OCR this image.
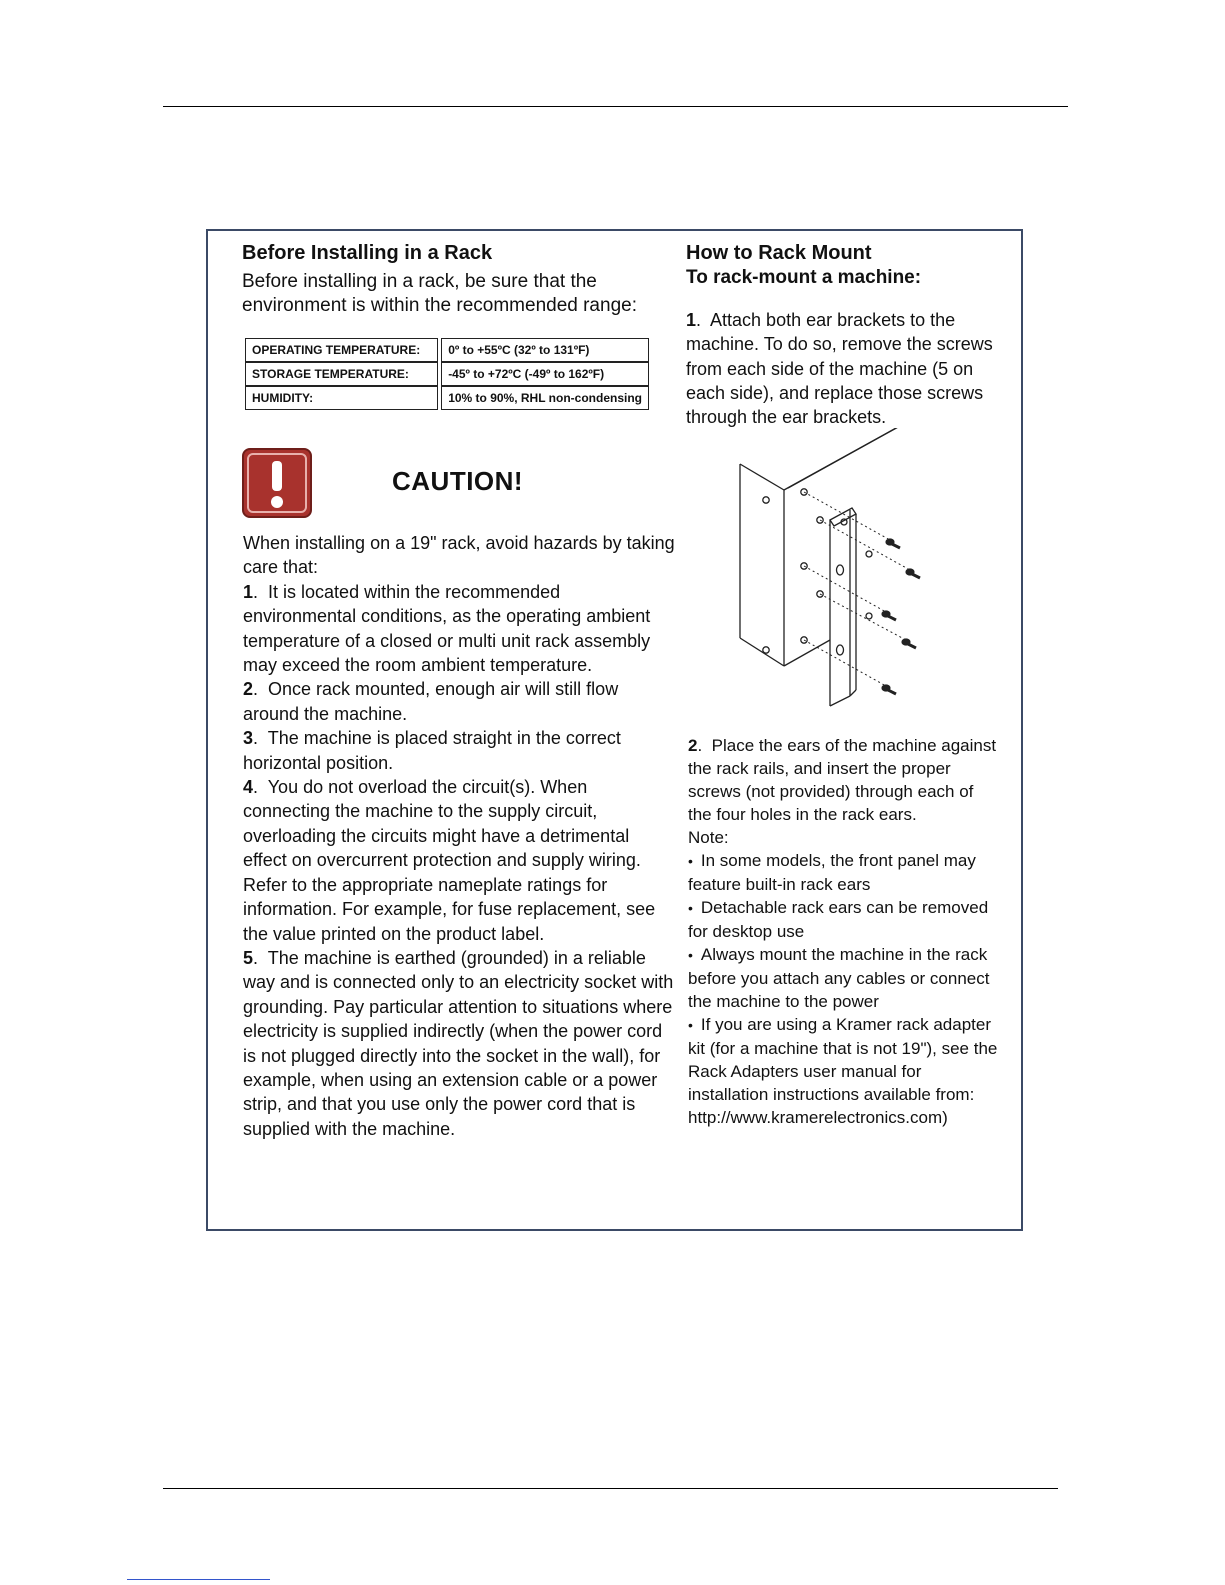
Before Installing in a Rack

Before installing in a rack, be sure that the environment is within the recommended range:

OPERATING TEMPERATURE:	0º to +55ºC (32º to 131ºF)
STORAGE TEMPERATURE:	-45º to +72ºC (-49º to 162ºF)
HUMIDITY:	10% to 90%, RHL non-condensing
CAUTION!

When installing on a 19" rack, avoid hazards by taking care that:

1.  It is located within the recommended environmental conditions, as the operating ambient temperature of a closed or multi unit rack assembly may exceed the room ambient temperature.

2.  Once rack mounted, enough air will still flow around the machine.

3.  The machine is placed straight in the correct horizontal position.

4.  You do not overload the circuit(s). When connecting the machine to the supply circuit, overloading the circuits might have a detrimental effect on overcurrent protection and supply wiring. Refer to the appropriate nameplate ratings for information. For example, for fuse replacement, see the value printed on the product label.

5.  The machine is earthed (grounded) in a reliable way and is connected only to an electricity socket with grounding. Pay particular attention to situations where electricity is supplied indirectly (when the power cord is not plugged directly into the socket in the wall), for example, when using an extension cable or a power strip, and that you use only the power cord that is supplied with the machine.

How to Rack Mount

To rack-mount a machine:

1.  Attach both ear brackets to the machine. To do so, remove the screws from each side of the machine (5 on each side), and replace those screws through the ear brackets.

2.  Place the ears of the machine against the rack rails, and insert the proper screws (not provided) through each of the four holes in the rack ears.

Note:

• In some models, the front panel may feature built-in rack ears

• Detachable rack ears can be removed for desktop use

• Always mount the machine in the rack before you attach any cables or connect the machine to the power

• If you are using a Kramer rack adapter kit (for a machine that is not 19"), see the Rack Adapters user manual for installation instructions available from: http://www.kramerelectronics.com)
